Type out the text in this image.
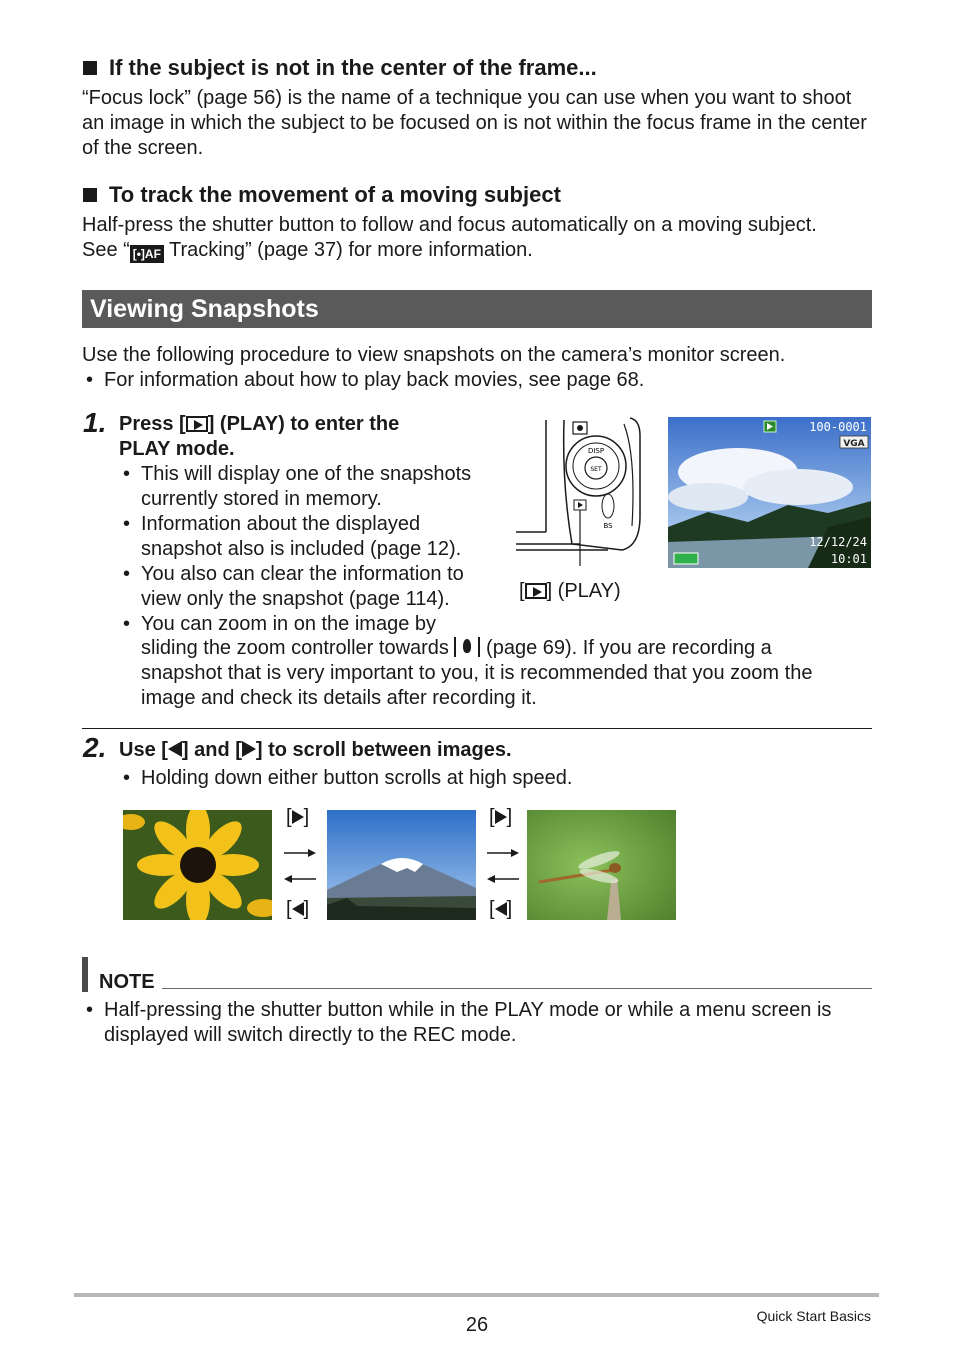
If the subject is not in the center of the frame...
“Focus lock” (page 56) is the name of a technique you can use when you want to shoot an image in which the subject to be focused on is not within the focus frame in the center of the screen.
To track the movement of a moving subject
Half-press the shutter button to follow and focus automatically on a moving subject.
See “ [•]AF Tracking” (page 37) for more information.
Viewing Snapshots
Use the following procedure to view snapshots on the camera’s monitor screen.
• For information about how to play back movies, see page 68.
1. Press [ ] (PLAY) to enter the
PLAY mode.
• This will display one of the snapshots currently stored in memory.
• Information about the displayed snapshot also is included (page 12).
• You also can clear the information to view only the snapshot (page 114).
• You can zoom in on the image by
sliding the zoom controller towards  (page 69). If you are recording a
snapshot that is very important to you, it is recommended that you zoom the
image and check its details after recording it.
DISP
SET
BS
[ ] (PLAY)
100-0001
VGA
12/12/24
10:01
2. Use [ ] and [ ] to scroll between images.
• Holding down either button scrolls at high speed.
[ ]
[ ]
[ ]
[ ]
NOTE
• Half-pressing the shutter button while in the PLAY mode or while a menu screen is
displayed will switch directly to the REC mode.
26	Quick Start Basics
